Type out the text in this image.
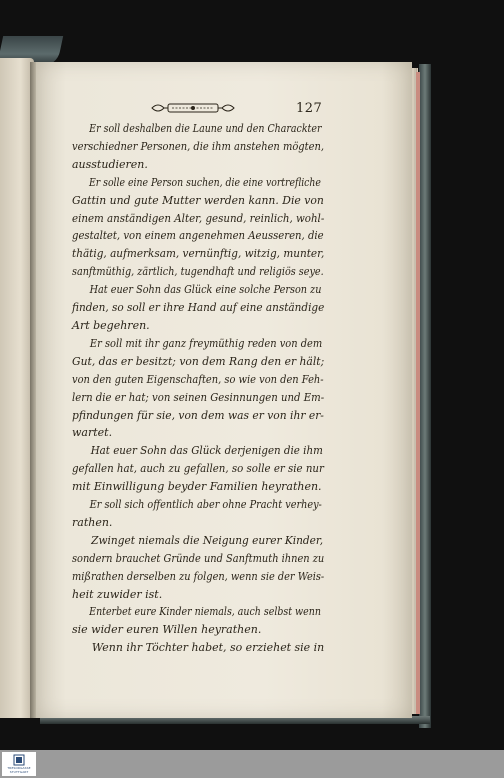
127

Er soll deshalben die Laune und den Charackter

verschiedner Personen, die ihm anstehen mögten,

ausstudieren.

Er solle eine Person suchen, die eine vortrefliche

Gattin und gute Mutter werden kann. Die von

einem anständigen Alter, gesund, reinlich, wohl-

gestaltet, von einem angenehmen Aeusseren, die

thätig, aufmerksam, vernünftig, witzig, munter,

sanftmüthig, zärtlich, tugendhaft und religiös seye.

Hat euer Sohn das Glück eine solche Person zu

finden, so soll er ihre Hand auf eine anständige

Art begehren.

Er soll mit ihr ganz freymüthig reden von dem

Gut, das er besitzt; von dem Rang den er hält;

von den guten Eigenschaften, so wie von den Feh-

lern die er hat; von seinen Gesinnungen und Em-

pfindungen für sie, von dem was er von ihr er-

wartet.

Hat euer Sohn das Glück derjenigen die ihm

gefallen hat, auch zu gefallen, so solle er sie nur

mit Einwilligung beyder Familien heyrathen.

Er soll sich offentlich aber ohne Pracht verhey-

rathen.

Zwinget niemals die Neigung eurer Kinder,

sondern brauchet Gründe und Sanftmuth ihnen zu

mißrathen derselben zu folgen, wenn sie der Weis-

heit zuwider ist.

Enterbet eure Kinder niemals, auch selbst wenn

sie wider euren Willen heyrathen.

Wenn ihr Töchter habet, so erziehet sie in

TRESORGASSE STUTTGART
